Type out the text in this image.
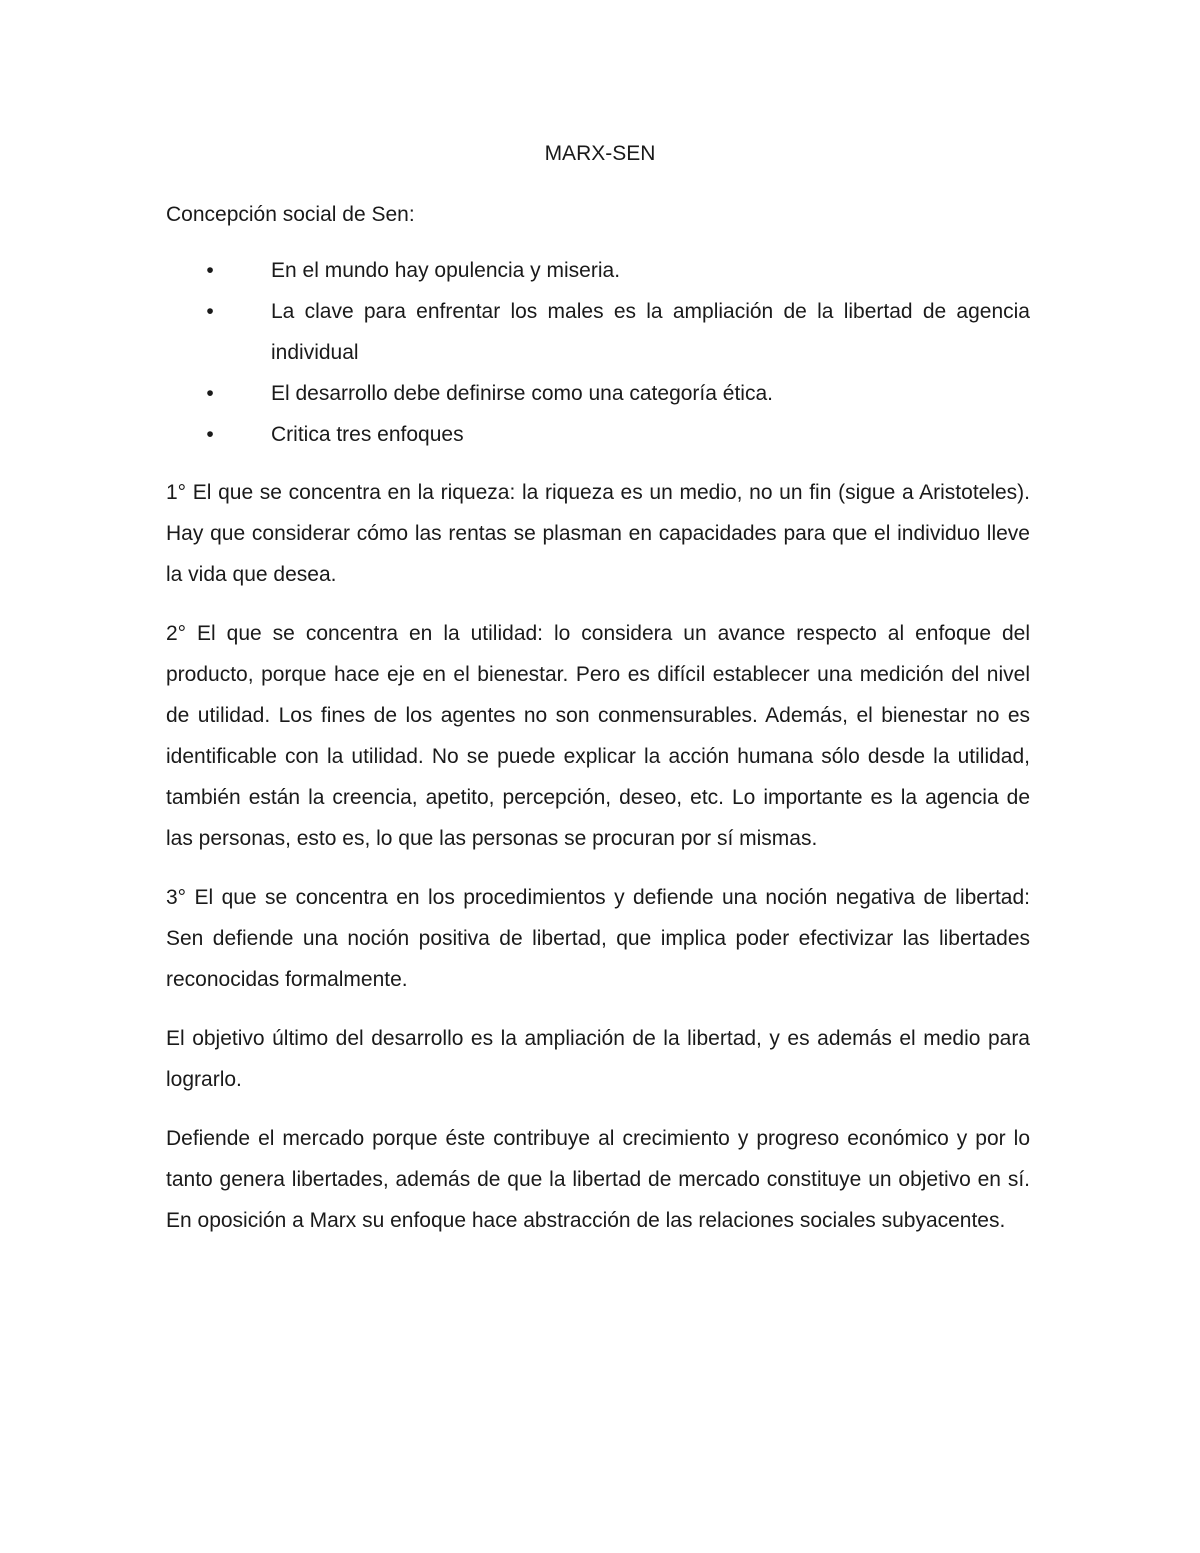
MARX-SEN

Concepción social de Sen:

•	En el mundo hay opulencia y miseria.
•	La clave para enfrentar los males es la ampliación de la libertad de agencia individual
•	El desarrollo debe definirse como una categoría ética.
•	Critica tres enfoques

1° El que se concentra en la riqueza: la riqueza es un medio, no un fin (sigue a Aristoteles). Hay que considerar cómo las rentas se plasman en capacidades para que el individuo lleve la vida que desea.

2° El que se concentra en la utilidad: lo considera un avance respecto al enfoque del producto, porque hace eje en el bienestar. Pero es difícil establecer una medición del nivel de utilidad. Los fines de los agentes no son conmensurables. Además, el bienestar no es identificable con la utilidad. No se puede explicar la acción humana sólo desde la utilidad, también están la creencia, apetito, percepción, deseo, etc. Lo importante es la agencia de las personas, esto es, lo que las personas se procuran por sí mismas.

3° El que se concentra en los procedimientos y defiende una noción negativa de libertad: Sen defiende una noción positiva de libertad, que implica poder efectivizar las libertades reconocidas formalmente.

El objetivo último del desarrollo es la ampliación de la libertad, y es además el medio para lograrlo.

Defiende el mercado porque éste contribuye al crecimiento y progreso económico y por lo tanto genera libertades, además de que la libertad de mercado constituye un objetivo en sí. En oposición a Marx su enfoque hace abstracción de las relaciones sociales subyacentes.
